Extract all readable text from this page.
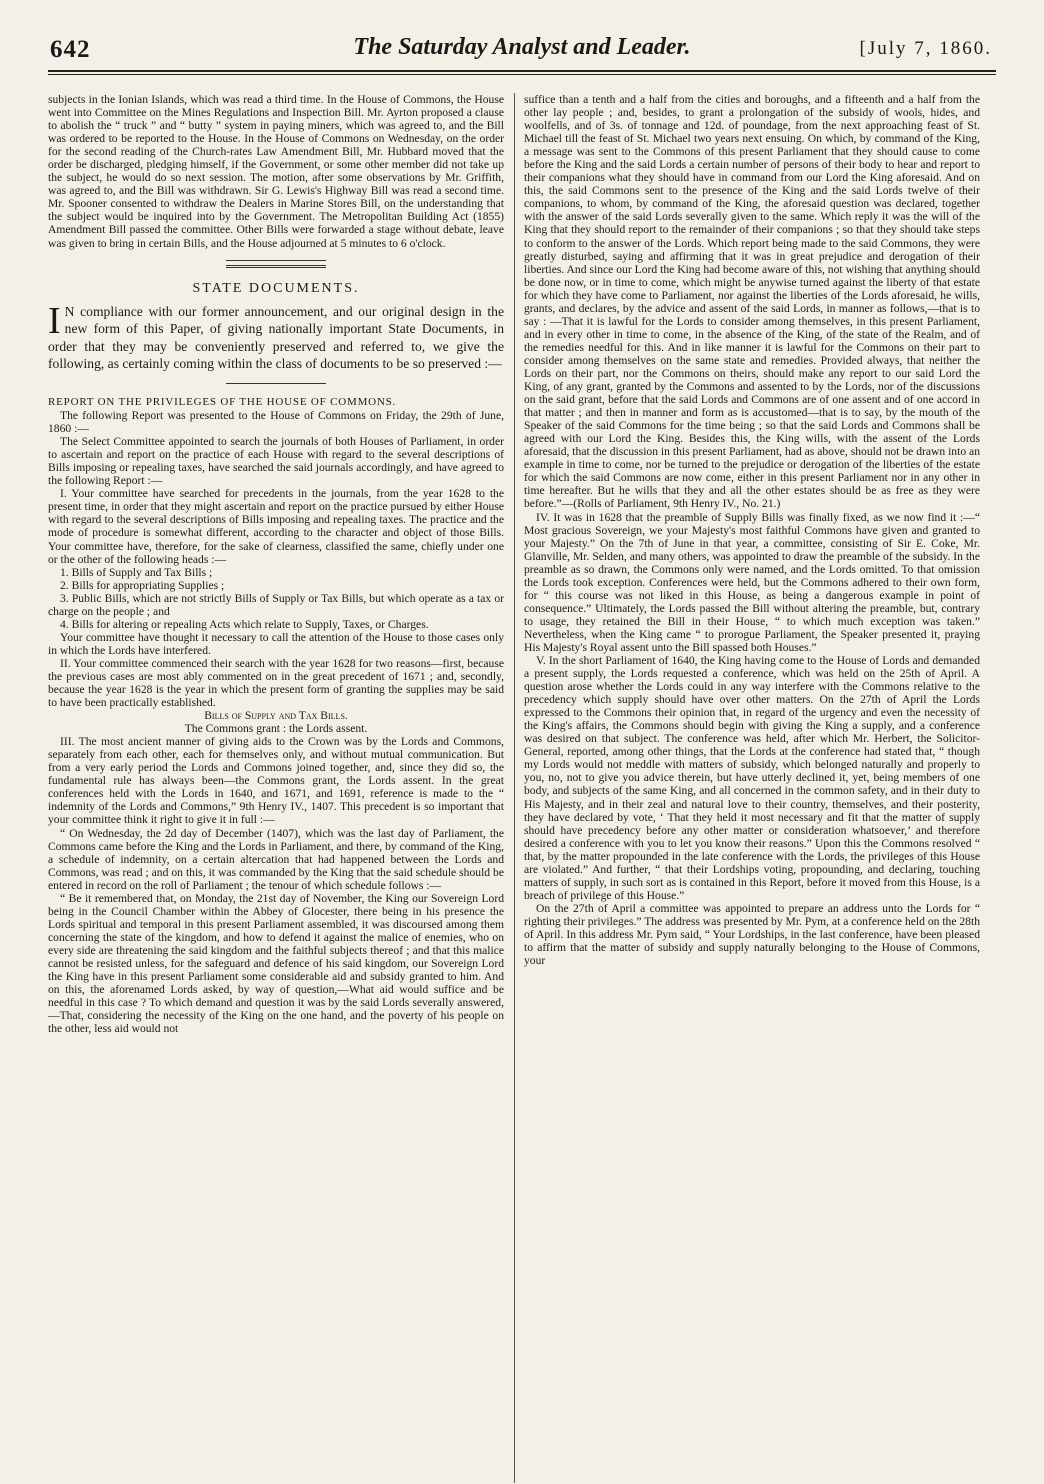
642	The Saturday Analyst and Leader.	[July 7, 1860.

subjects in the Ionian Islands, which was read a third time. In the House of Commons, the House went into Committee on the Mines Regulations and Inspection Bill. Mr. Ayrton proposed a clause to abolish the “ truck ” and “ butty ” system in paying miners, which was agreed to, and the Bill was ordered to be reported to the House. In the House of Commons on Wednesday, on the order for the second reading of the Church-rates Law Amendment Bill, Mr. Hubbard moved that the order be discharged, pledging himself, if the Government, or some other member did not take up the subject, he would do so next session. The motion, after some observations by Mr. Griffith, was agreed to, and the Bill was withdrawn. Sir G. Lewis's Highway Bill was read a second time. Mr. Spooner consented to withdraw the Dealers in Marine Stores Bill, on the understanding that the subject would be inquired into by the Government. The Metropolitan Building Act (1855) Amendment Bill passed the committee. Other Bills were forwarded a stage without debate, leave was given to bring in certain Bills, and the House adjourned at 5 minutes to 6 o'clock.

STATE DOCUMENTS.

I N compliance with our former announcement, and our original design in the new form of this Paper, of giving nationally important State Documents, in order that they may be conveniently preserved and referred to, we give the following, as certainly coming within the class of documents to be so preserved :—

REPORT ON THE PRIVILEGES OF THE HOUSE OF COMMONS.

The following Report was presented to the House of Commons on Friday, the 29th of June, 1860 :—

The Select Committee appointed to search the journals of both Houses of Parliament, in order to ascertain and report on the practice of each House with regard to the several descriptions of Bills imposing or repealing taxes, have searched the said journals accordingly, and have agreed to the following Report :—

I. Your committee have searched for precedents in the journals, from the year 1628 to the present time, in order that they might ascertain and report on the practice pursued by either House with regard to the several descriptions of Bills imposing and repealing taxes. The practice and the mode of procedure is somewhat different, according to the character and object of those Bills. Your committee have, therefore, for the sake of clearness, classified the same, chiefly under one or the other of the following heads :—

1. Bills of Supply and Tax Bills ;

2. Bills for appropriating Supplies ;

3. Public Bills, which are not strictly Bills of Supply or Tax Bills, but which operate as a tax or charge on the people ; and

4. Bills for altering or repealing Acts which relate to Supply, Taxes, or Charges.

Your committee have thought it necessary to call the attention of the House to those cases only in which the Lords have interfered.

II. Your committee commenced their search with the year 1628 for two reasons—first, because the previous cases are most ably commented on in the great precedent of 1671 ; and, secondly, because the year 1628 is the year in which the present form of granting the supplies may be said to have been practically established.

Bills of Supply and Tax Bills.

The Commons grant : the Lords assent.

III. The most ancient manner of giving aids to the Crown was by the Lords and Commons, separately from each other, each for themselves only, and without mutual communication. But from a very early period the Lords and Commons joined together, and, since they did so, the fundamental rule has always been—the Commons grant, the Lords assent. In the great conferences held with the Lords in 1640, and 1671, and 1691, reference is made to the “ indemnity of the Lords and Commons,” 9th Henry IV., 1407. This precedent is so important that your committee think it right to give it in full :—

“ On Wednesday, the 2d day of December (1407), which was the last day of Parliament, the Commons came before the King and the Lords in Parliament, and there, by command of the King, a schedule of indemnity, on a certain altercation that had happened between the Lords and Commons, was read ; and on this, it was commanded by the King that the said schedule should be entered in record on the roll of Parliament ; the tenour of which schedule follows :—

“ Be it remembered that, on Monday, the 21st day of November, the King our Sovereign Lord being in the Council Chamber within the Abbey of Glocester, there being in his presence the Lords spiritual and temporal in this present Parliament assembled, it was discoursed among them concerning the state of the kingdom, and how to defend it against the malice of enemies, who on every side are threatening the said kingdom and the faithful subjects thereof ; and that this malice cannot be resisted unless, for the safeguard and defence of his said kingdom, our Sovereign Lord the King have in this present Parliament some considerable aid and subsidy granted to him. And on this, the aforenamed Lords asked, by way of question,—What aid would suffice and be needful in this case ? To which demand and question it was by the said Lords severally answered,—That, considering the necessity of the King on the one hand, and the poverty of his people on the other, less aid would not

suffice than a tenth and a half from the cities and boroughs, and a fifteenth and a half from the other lay people ; and, besides, to grant a prolongation of the subsidy of wools, hides, and woolfells, and of 3s. of tonnage and 12d. of poundage, from the next approaching feast of St. Michael till the feast of St. Michael two years next ensuing. On which, by command of the King, a message was sent to the Commons of this present Parliament that they should cause to come before the King and the said Lords a certain number of persons of their body to hear and report to their companions what they should have in command from our Lord the King aforesaid. And on this, the said Commons sent to the presence of the King and the said Lords twelve of their companions, to whom, by command of the King, the aforesaid question was declared, together with the answer of the said Lords severally given to the same. Which reply it was the will of the King that they should report to the remainder of their companions ; so that they should take steps to conform to the answer of the Lords. Which report being made to the said Commons, they were greatly disturbed, saying and affirming that it was in great prejudice and derogation of their liberties. And since our Lord the King had become aware of this, not wishing that anything should be done now, or in time to come, which might be anywise turned against the liberty of that estate for which they have come to Parliament, nor against the liberties of the Lords aforesaid, he wills, grants, and declares, by the advice and assent of the said Lords, in manner as follows,—that is to say : —That it is lawful for the Lords to consider among themselves, in this present Parliament, and in every other in time to come, in the absence of the King, of the state of the Realm, and of the remedies needful for this. And in like manner it is lawful for the Commons on their part to consider among themselves on the same state and remedies. Provided always, that neither the Lords on their part, nor the Commons on theirs, should make any report to our said Lord the King, of any grant, granted by the Commons and assented to by the Lords, nor of the discussions on the said grant, before that the said Lords and Commons are of one assent and of one accord in that matter ; and then in manner and form as is accustomed—that is to say, by the mouth of the Speaker of the said Commons for the time being ; so that the said Lords and Commons shall be agreed with our Lord the King. Besides this, the King wills, with the assent of the Lords aforesaid, that the discussion in this present Parliament, had as above, should not be drawn into an example in time to come, nor be turned to the prejudice or derogation of the liberties of the estate for which the said Commons are now come, either in this present Parliament nor in any other in time hereafter. But he wills that they and all the other estates should be as free as they were before.”—(Rolls of Parliament, 9th Henry IV., No. 21.)

IV. It was in 1628 that the preamble of Supply Bills was finally fixed, as we now find it :—“ Most gracious Sovereign, we your Majesty's most faithful Commons have given and granted to your Majesty.” On the 7th of June in that year, a committee, consisting of Sir E. Coke, Mr. Glanville, Mr. Selden, and many others, was appointed to draw the preamble of the subsidy. In the preamble as so drawn, the Commons only were named, and the Lords omitted. To that omission the Lords took exception. Conferences were held, but the Commons adhered to their own form, for “ this course was not liked in this House, as being a dangerous example in point of consequence.” Ultimately, the Lords passed the Bill without altering the preamble, but, contrary to usage, they retained the Bill in their House, “ to which much exception was taken.” Nevertheless, when the King came “ to prorogue Parliament, the Speaker presented it, praying His Majesty's Royal assent unto the Bill spassed both Houses.”

V. In the short Parliament of 1640, the King having come to the House of Lords and demanded a present supply, the Lords requested a conference, which was held on the 25th of April. A question arose whether the Lords could in any way interfere with the Commons relative to the precedency which supply should have over other matters. On the 27th of April the Lords expressed to the Commons their opinion that, in regard of the urgency and even the necessity of the King's affairs, the Commons should begin with giving the King a supply, and a conference was desired on that subject. The conference was held, after which Mr. Herbert, the Solicitor-General, reported, among other things, that the Lords at the conference had stated that, “ though my Lords would not meddle with matters of subsidy, which belonged naturally and properly to you, no, not to give you advice therein, but have utterly declined it, yet, being members of one body, and subjects of the same King, and all concerned in the common safety, and in their duty to His Majesty, and in their zeal and natural love to their country, themselves, and their posterity, they have declared by vote, ‘ That they held it most necessary and fit that the matter of supply should have precedency before any other matter or consideration whatsoever,’ and therefore desired a conference with you to let you know their reasons.” Upon this the Commons resolved “ that, by the matter propounded in the late conference with the Lords, the privileges of this House are violated.” And further, “ that their Lordships voting, propounding, and declaring, touching matters of supply, in such sort as is contained in this Report, before it moved from this House, is a breach of privilege of this House.”

On the 27th of April a committee was appointed to prepare an address unto the Lords for “ righting their privileges.” The address was presented by Mr. Pym, at a conference held on the 28th of April. In this address Mr. Pym said, “ Your Lordships, in the last conference, have been pleased to affirm that the matter of subsidy and supply naturally belonging to the House of Commons, your
